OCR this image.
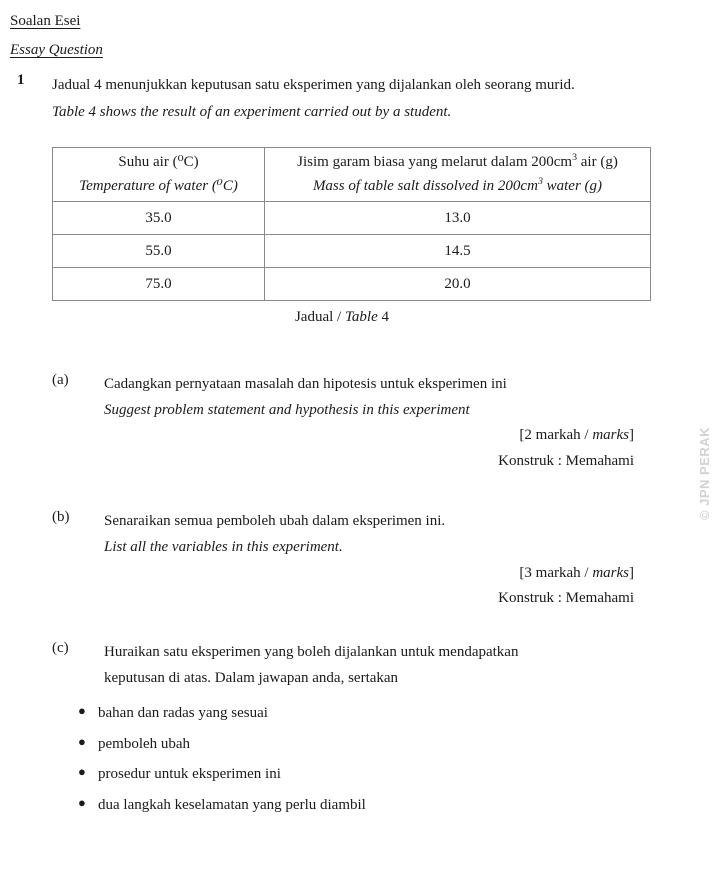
Soalan Esei
Essay Question
1 Jadual 4 menunjukkan keputusan satu eksperimen yang dijalankan oleh seorang murid.
Table 4 shows the result of an experiment carried out by a student.
Suhu air (⁰C)
Temperature of water (⁰C)

Jisim garam biasa yang melarut dalam $200cm^3$ air (g)
Mass of table salt dissolved in $200cm^3$ water (g)

35.0	13.0
55.0	14.5
75.0	20.0
Jadual / Table 4
(a) Cadangkan pernyataan masalah dan hipotesis untuk eksperimen ini
Suggest problem statement and hypothesis in this experiment
[2 markah / marks]
Konstruk : Memahami
(b) Senaraikan semua pemboleh ubah dalam eksperimen ini.
List all the variables in this experiment.
[3 markah / marks]
Konstruk : Memahami
(c) Huraikan satu eksperimen yang boleh dijalankan untuk mendapatkan
keputusan di atas. Dalam jawapan anda, sertakan
● bahan dan radas yang sesuai
● pemboleh ubah
● prosedur untuk eksperimen ini
● dua langkah keselamatan yang perlu diambil
© JPN PERAK
